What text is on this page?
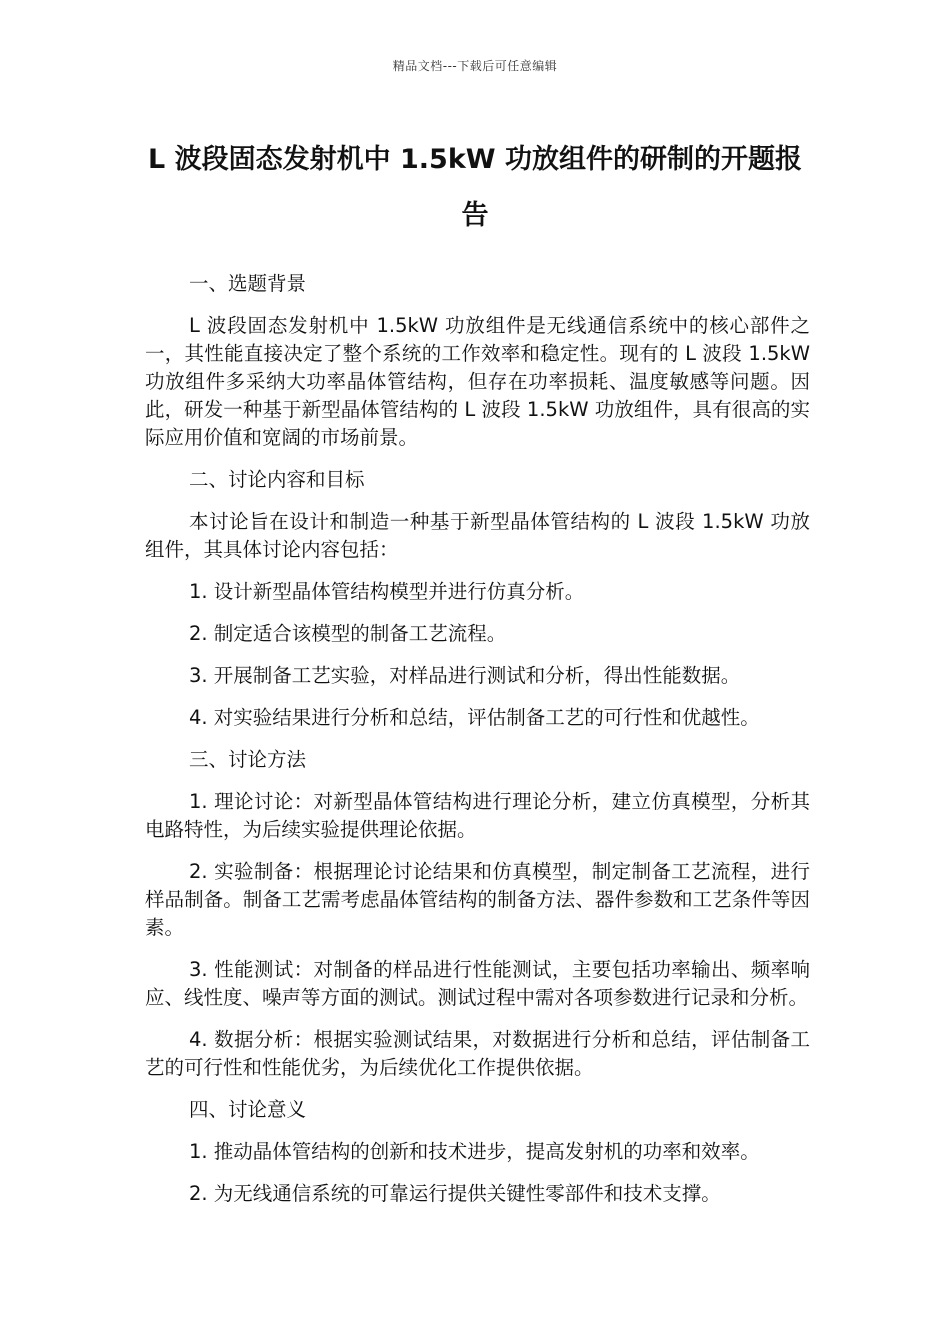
精品文档---下载后可任意编辑
L 波段固态发射机中 1.5kW 功放组件的研制的开题报告

一、选题背景

L 波段固态发射机中 1.5kW 功放组件是无线通信系统中的核心部件之一，其性能直接决定了整个系统的工作效率和稳定性。现有的 L 波段 1.5kW 功放组件多采纳大功率晶体管结构，但存在功率损耗、温度敏感等问题。因此，研发一种基于新型晶体管结构的 L 波段 1.5kW 功放组件，具有很高的实际应用价值和宽阔的市场前景。

二、讨论内容和目标

本讨论旨在设计和制造一种基于新型晶体管结构的 L 波段 1.5kW 功放组件，其具体讨论内容包括：

1. 设计新型晶体管结构模型并进行仿真分析。

2. 制定适合该模型的制备工艺流程。

3. 开展制备工艺实验，对样品进行测试和分析，得出性能数据。

4. 对实验结果进行分析和总结，评估制备工艺的可行性和优越性。

三、讨论方法

1. 理论讨论：对新型晶体管结构进行理论分析，建立仿真模型，分析其电路特性，为后续实验提供理论依据。

2. 实验制备：根据理论讨论结果和仿真模型，制定制备工艺流程，进行样品制备。制备工艺需考虑晶体管结构的制备方法、器件参数和工艺条件等因素。

3. 性能测试：对制备的样品进行性能测试，主要包括功率输出、频率响应、线性度、噪声等方面的测试。测试过程中需对各项参数进行记录和分析。

4. 数据分析：根据实验测试结果，对数据进行分析和总结，评估制备工艺的可行性和性能优劣，为后续优化工作提供依据。

四、讨论意义

1. 推动晶体管结构的创新和技术进步，提高发射机的功率和效率。

2. 为无线通信系统的可靠运行提供关键性零部件和技术支撑。
